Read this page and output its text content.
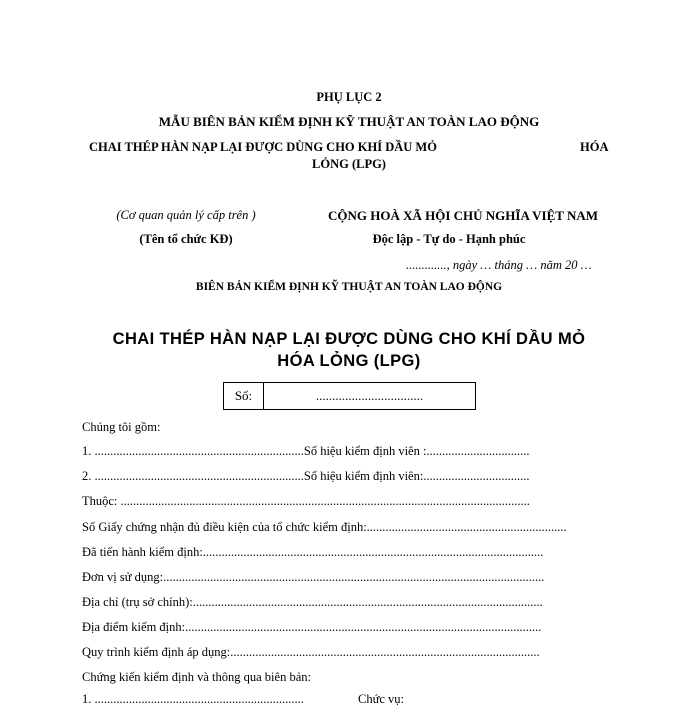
PHỤ LỤC 2
MẪU BIÊN BẢN KIỂM ĐỊNH KỸ THUẬT AN TOÀN LAO ĐỘNG
CHAI THÉP HÀN NẠP LẠI ĐƯỢC DÙNG CHO KHÍ DẦU MỎ	HÓA
LỎNG (LPG)
(Cơ quan quản lý cấp trên )	CỘNG HOÀ XÃ HỘI CHỦ NGHĨA VIỆT NAM
(Tên tổ chức KĐ)	Độc lập - Tự do - Hạnh phúc
............., ngày … tháng … năm 20 …
BIÊN BẢN KIỂM ĐỊNH KỸ THUẬT AN TOÀN LAO ĐỘNG
CHAI THÉP HÀN NẠP LẠI ĐƯỢC DÙNG CHO KHÍ DẦU MỎ
HÓA LỎNG (LPG)
Số:	.................................
Chúng tôi gồm:
1. ...................................................................Số hiệu kiểm định viên :.................................
2. ...................................................................Số hiệu kiểm định viên:..................................
Thuộc: ...................................................................................................................................
Số Giấy chứng nhận đủ điều kiện của tổ chức kiểm định:................................................................
Đã tiến hành kiểm định:.............................................................................................................
Đơn vị sử dụng:..........................................................................................................................
Địa chỉ (trụ sở chính):................................................................................................................
Địa điểm kiểm định:..................................................................................................................
Quy trình kiểm định áp dụng:...................................................................................................
Chứng kiến kiểm định và thông qua biên bản:
1. ...................................................................	Chức vụ:
